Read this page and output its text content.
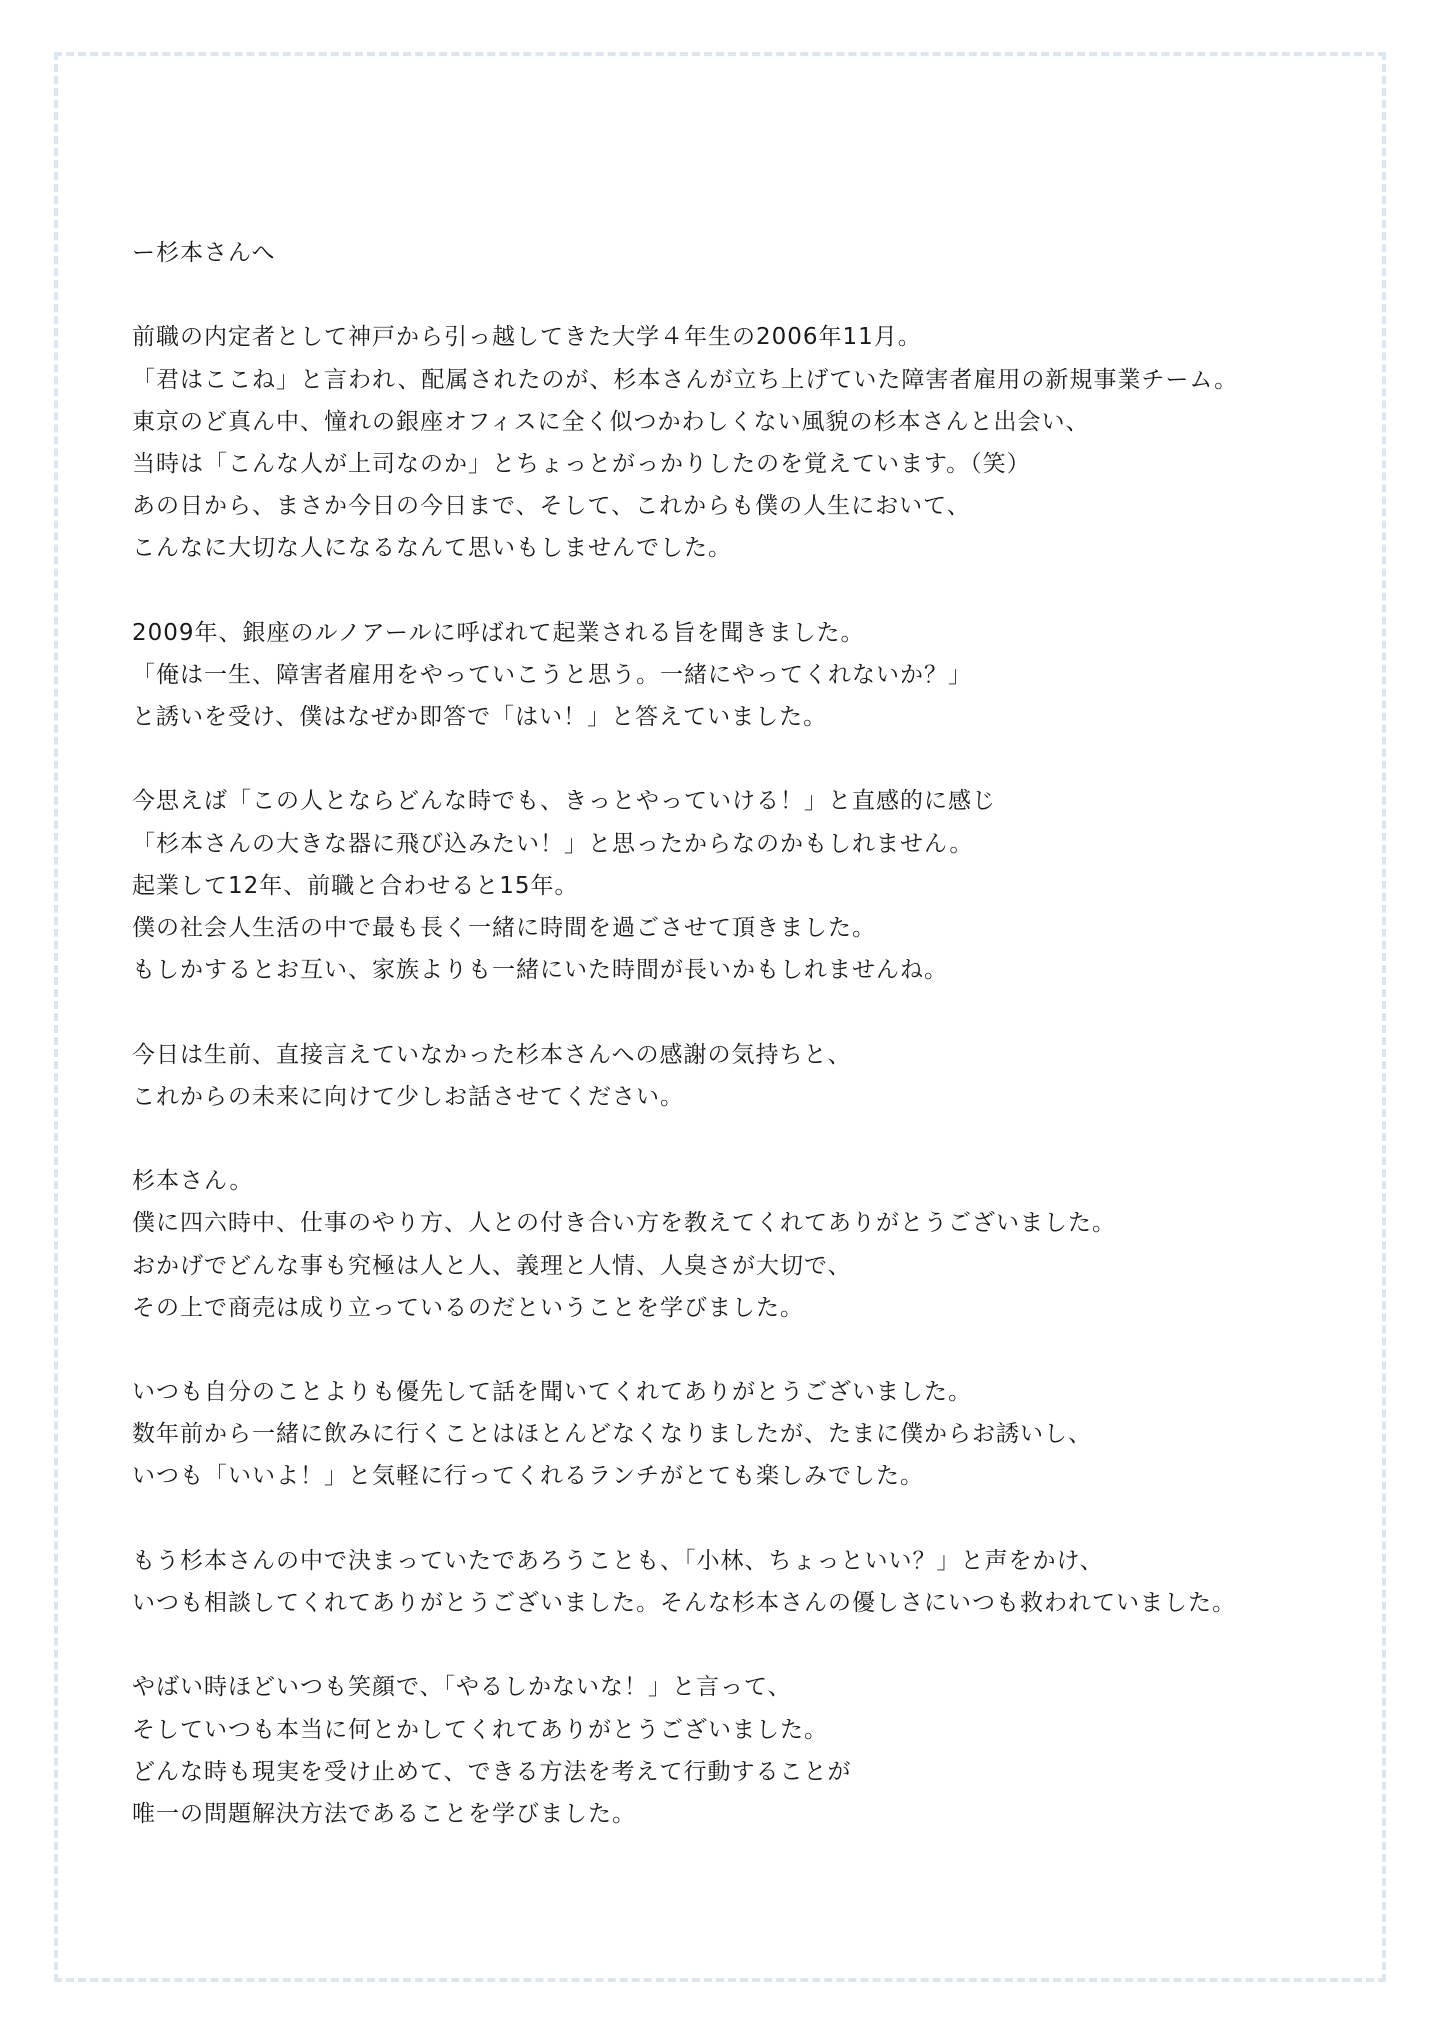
ー杉本さんへ
前職の内定者として神戸から引っ越してきた大学４年生の2006年11月。
「君はここね」と言われ、配属されたのが、杉本さんが立ち上げていた障害者雇用の新規事業チーム。
東京のど真ん中、憧れの銀座オフィスに全く似つかわしくない風貌の杉本さんと出会い、
当時は「こんな人が上司なのか」とちょっとがっかりしたのを覚えています。（笑）
あの日から、まさか今日の今日まで、そして、これからも僕の人生において、
こんなに大切な人になるなんて思いもしませんでした。
2009年、銀座のルノアールに呼ばれて起業される旨を聞きました。
「俺は一生、障害者雇用をやっていこうと思う。一緒にやってくれないか？」
と誘いを受け、僕はなぜか即答で「はい！」と答えていました。
今思えば「この人とならどんな時でも、きっとやっていける！」と直感的に感じ
「杉本さんの大きな器に飛び込みたい！」と思ったからなのかもしれません。
起業して12年、前職と合わせると15年。
僕の社会人生活の中で最も長く一緒に時間を過ごさせて頂きました。
もしかするとお互い、家族よりも一緒にいた時間が長いかもしれませんね。
今日は生前、直接言えていなかった杉本さんへの感謝の気持ちと、
これからの未来に向けて少しお話させてください。
杉本さん。
僕に四六時中、仕事のやり方、人との付き合い方を教えてくれてありがとうございました。
おかげでどんな事も究極は人と人、義理と人情、人臭さが大切で、
その上で商売は成り立っているのだということを学びました。
いつも自分のことよりも優先して話を聞いてくれてありがとうございました。
数年前から一緒に飲みに行くことはほとんどなくなりましたが、たまに僕からお誘いし、
いつも「いいよ！」と気軽に行ってくれるランチがとても楽しみでした。
もう杉本さんの中で決まっていたであろうことも、「小林、ちょっといい？」と声をかけ、
いつも相談してくれてありがとうございました。そんな杉本さんの優しさにいつも救われていました。
やばい時ほどいつも笑顔で、「やるしかないな！」と言って、
そしていつも本当に何とかしてくれてありがとうございました。
どんな時も現実を受け止めて、できる方法を考えて行動することが
唯一の問題解決方法であることを学びました。
